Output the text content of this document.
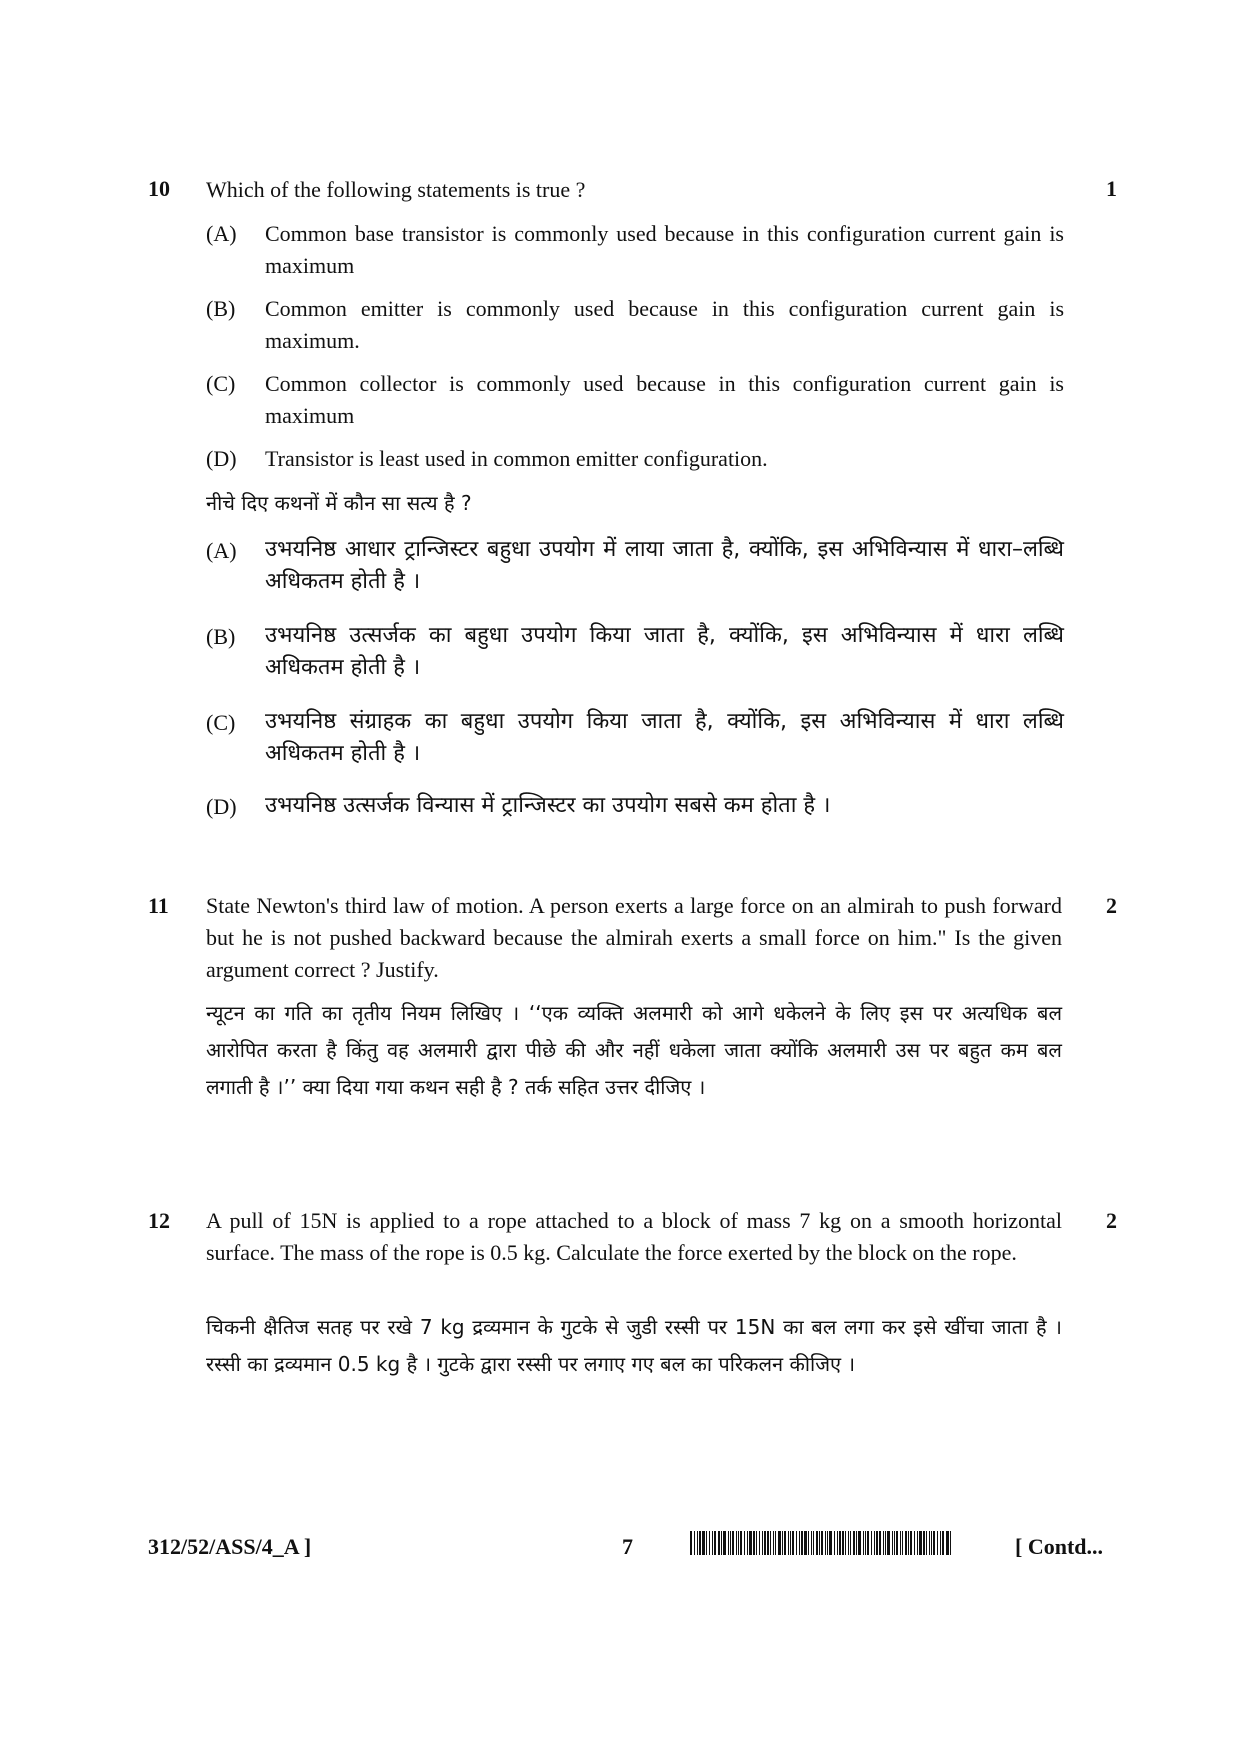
10	1
Which of the following statements is true ?
(A)	Common base transistor is commonly used because in this configuration current gain is maximum
(B)	Common emitter is commonly used because in this configuration current gain is maximum.
(C)	Common collector is commonly used because in this configuration current gain is maximum
(D)	Transistor is least used in common emitter configuration.
नीचे दिए कथनों में कौन सा सत्य है ?
(A)	उभयनिष्ठ आधार ट्रान्जिस्टर बहुधा उपयोग में लाया जाता है, क्योंकि, इस अभिविन्यास में धारा–लब्धि अधिकतम होती है ।
(B)	उभयनिष्ठ उत्सर्जक का बहुधा उपयोग किया जाता है, क्योंकि, इस अभिविन्यास में धारा लब्धि अधिकतम होती है ।
(C)	उभयनिष्ठ संग्राहक का बहुधा उपयोग किया जाता है, क्योंकि, इस अभिविन्यास में धारा लब्धि अधिकतम होती है ।
(D)	उभयनिष्ठ उत्सर्जक विन्यास में ट्रान्जिस्टर का उपयोग सबसे कम होता है ।
11	2
State Newton's third law of motion. A person exerts a large force on an almirah to push forward but he is not pushed backward because the almirah exerts a small force on him." Is the given argument correct ? Justify.
न्यूटन का गति का तृतीय नियम लिखिए । ‘‘एक व्यक्ति अलमारी को आगे धकेलने के लिए इस पर अत्यधिक बल आरोपित करता है किंतु वह अलमारी द्वारा पीछे की और नहीं धकेला जाता क्योंकि अलमारी उस पर बहुत कम बल लगाती है ।’’ क्या दिया गया कथन सही है ? तर्क सहित उत्तर दीजिए ।
12	2
A pull of 15N is applied to a rope attached to a block of mass 7 kg on a smooth horizontal surface. The mass of the rope is 0.5 kg. Calculate the force exerted by the block on the rope.
चिकनी क्षैतिज सतह पर रखे 7 kg द्रव्यमान के गुटके से जुडी रस्सी पर 15N का बल लगा कर इसे खींचा जाता है । रस्सी का द्रव्यमान 0.5 kg है । गुटके द्वारा रस्सी पर लगाए गए बल का परिकलन कीजिए ।
312/52/ASS/4_A ]	7	[ Contd...
